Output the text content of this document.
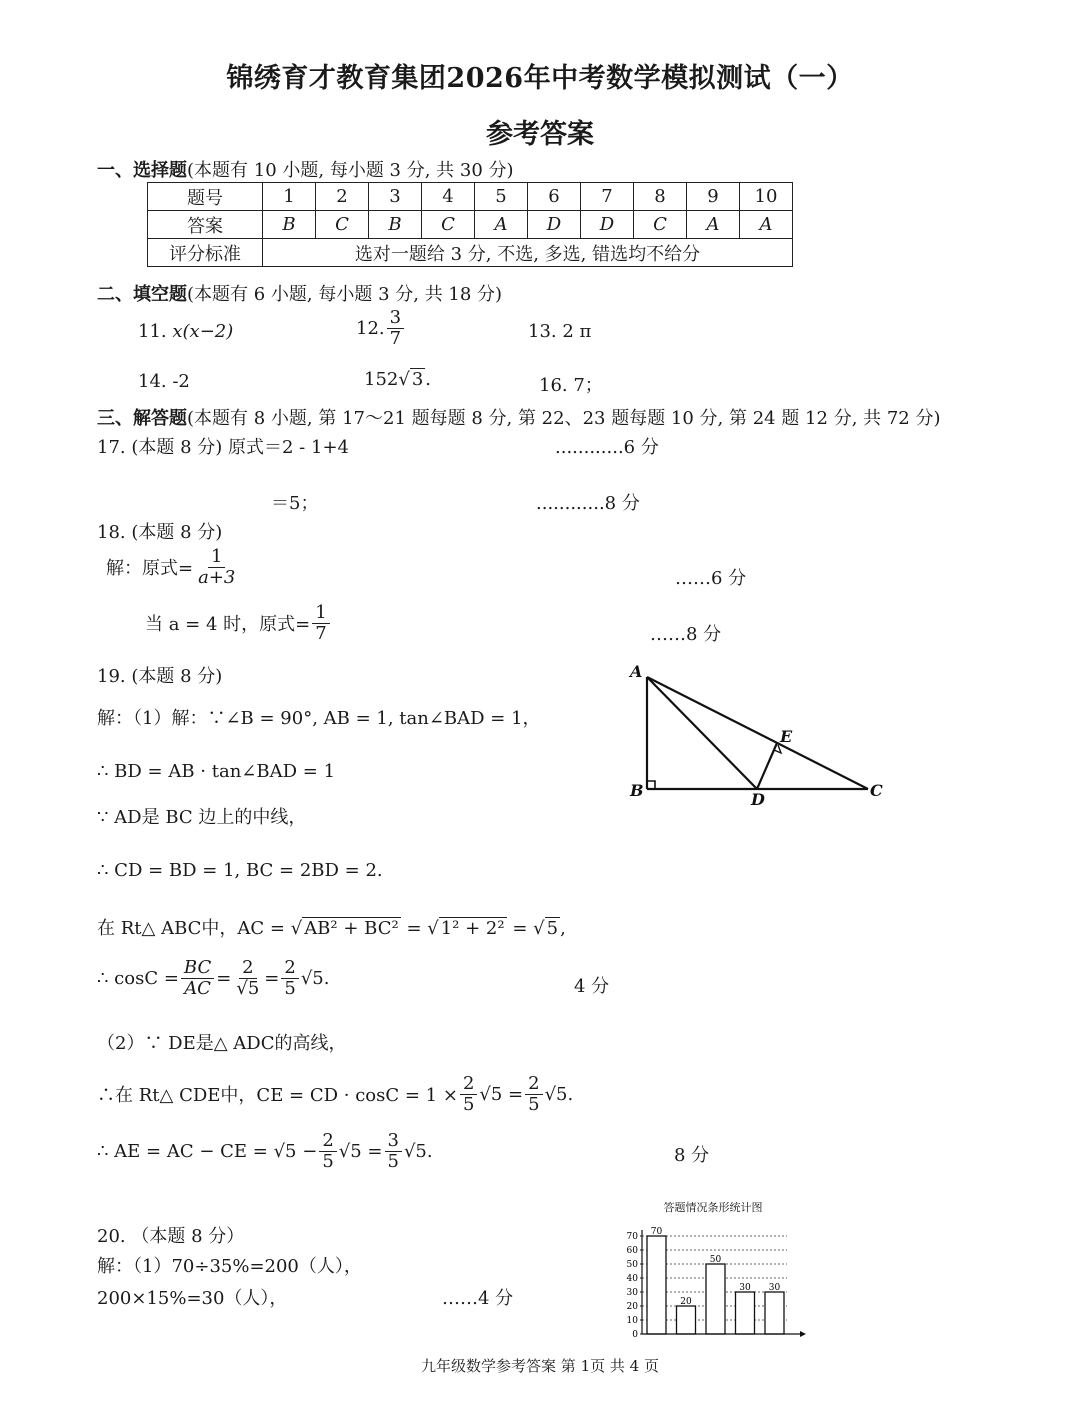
锦绣育才教育集团2026年中考数学模拟测试（一）
参考答案
一、选择题(本题有 10 小题, 每小题 3 分, 共 30 分)
题号	1	2	3	4	5	6	7	8	9	10
答案	B	C	B	C	A	D	D	C	A	A
评分标准	选对一题给 3 分, 不选, 多选, 错选均不给分									
二、填空题(本题有 6 小题, 每小题 3 分, 共 18 分)
11. x(x−2)	12. $\frac{3}{7}$	13. 2 π
14. -2	152√ 3 .	16. 7；
三、解答题(本题有 8 小题, 第 17～21 题每题 8 分, 第 22、23 题每题 10 分, 第 24 题 12 分, 共 72 分)
17. (本题 8 分) 原式＝2 - 1+4	............6 分
＝5；	............8 分
18. (本题 8 分)
解：原式= $\frac{1}{a+3}$	……6 分
当 a = 4 时，原式= $\frac{1}{7}$	……8 分
19. (本题 8 分)
解：（1）解：∵∠B = 90°, AB = 1, tan∠BAD = 1，
∴ BD = AB · tan∠BAD = 1
∵ AD是 BC 边上的中线，
∴ CD = BD = 1, BC = 2BD = 2.
在 Rt△ ABC中，AC = √ AB² + BC² = √ 1² + 2² = √ 5 ,
∴ $\cos C = \frac{BC}{AC} = \frac{2}{√5} = \frac{2}{5} √5$.	4 分
（2）∵ DE是△ ADC的高线，
∴在 Rt△ CDE中，CE = CD · $\cos C = 1 \times \frac{2}{5} √5 = \frac{2}{5} √5$.
∴ AE = AC − CE = $√5 - \frac{2}{5} √5 = \frac{3}{5} √5$.	8 分
A
B	C
D
E
20. （本题 8 分）
解：（1）70÷35%=200（人），
200×15%=30（人），	……4 分
答题情况条形统计图
70
20
50
30 30
0
10
20
30
40
50
60
70
九年级数学参考答案 第 1页 共 4 页
